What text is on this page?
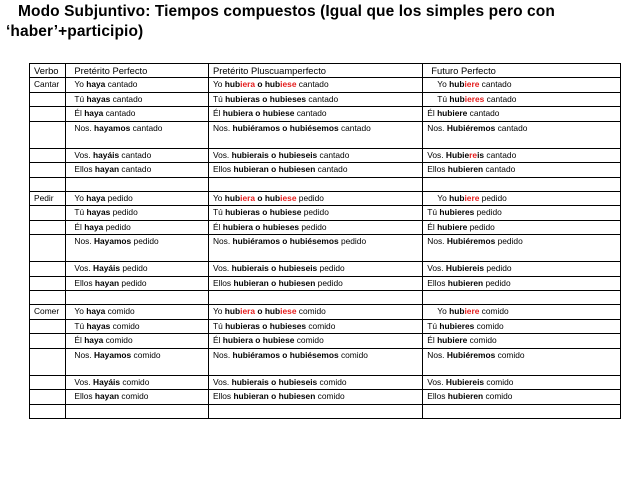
Modo Subjuntivo: Tiempos compuestos (Igual que los simples pero con
‘haber’+participio)
Verbo	Pretérito Perfecto	Pretérito Pluscuamperfecto	Futuro Perfecto
Cantar	Yo haya cantado	Yo hubiera o hubiese cantado	Yo hubiere cantado
	Tú hayas cantado	Tú hubieras o hubieses cantado	Tú hubieres cantado
	Él haya cantado	Él hubiera o hubiese cantado	Él hubiere cantado
	Nos. hayamos cantado	Nos. hubiéramos o hubiésemos cantado	Nos. Hubiéremos cantado
	Vos. hayáis cantado	Vos. hubierais o hubieseis cantado	Vos. Hubiereis cantado
	Ellos hayan cantado	Ellos hubieran o hubiesen cantado	Ellos hubieren cantado

Pedir	Yo haya pedido	Yo hubiera o hubiese pedido	Yo hubiere pedido
	Tú hayas pedido	Tú hubieras o hubiese pedido	Tú hubieres pedido
	Él haya pedido	Él hubiera o hubieses pedido	Él hubiere pedido
	Nos. Hayamos pedido	Nos. hubiéramos o hubiésemos pedido	Nos. Hubiéremos pedido
	Vos. Hayáis pedido	Vos. hubierais o hubieseis pedido	Vos. Hubiereis pedido
	Ellos hayan pedido	Ellos hubieran o hubiesen pedido	Ellos hubieren pedido

Comer	Yo haya comido	Yo hubiera o hubiese comido	Yo hubiere comido
	Tú hayas comido	Tú hubieras o hubieses comido	Tú hubieres comido
	Él haya comido	Él hubiera o hubiese comido	Él hubiere comido
	Nos. Hayamos comido	Nos. hubiéramos o hubiésemos comido	Nos. Hubiéremos comido
	Vos. Hayáis comido	Vos. hubierais o hubieseis comido	Vos. Hubiereis comido
	Ellos hayan comido	Ellos hubieran o hubiesen comido	Ellos hubieren comido
